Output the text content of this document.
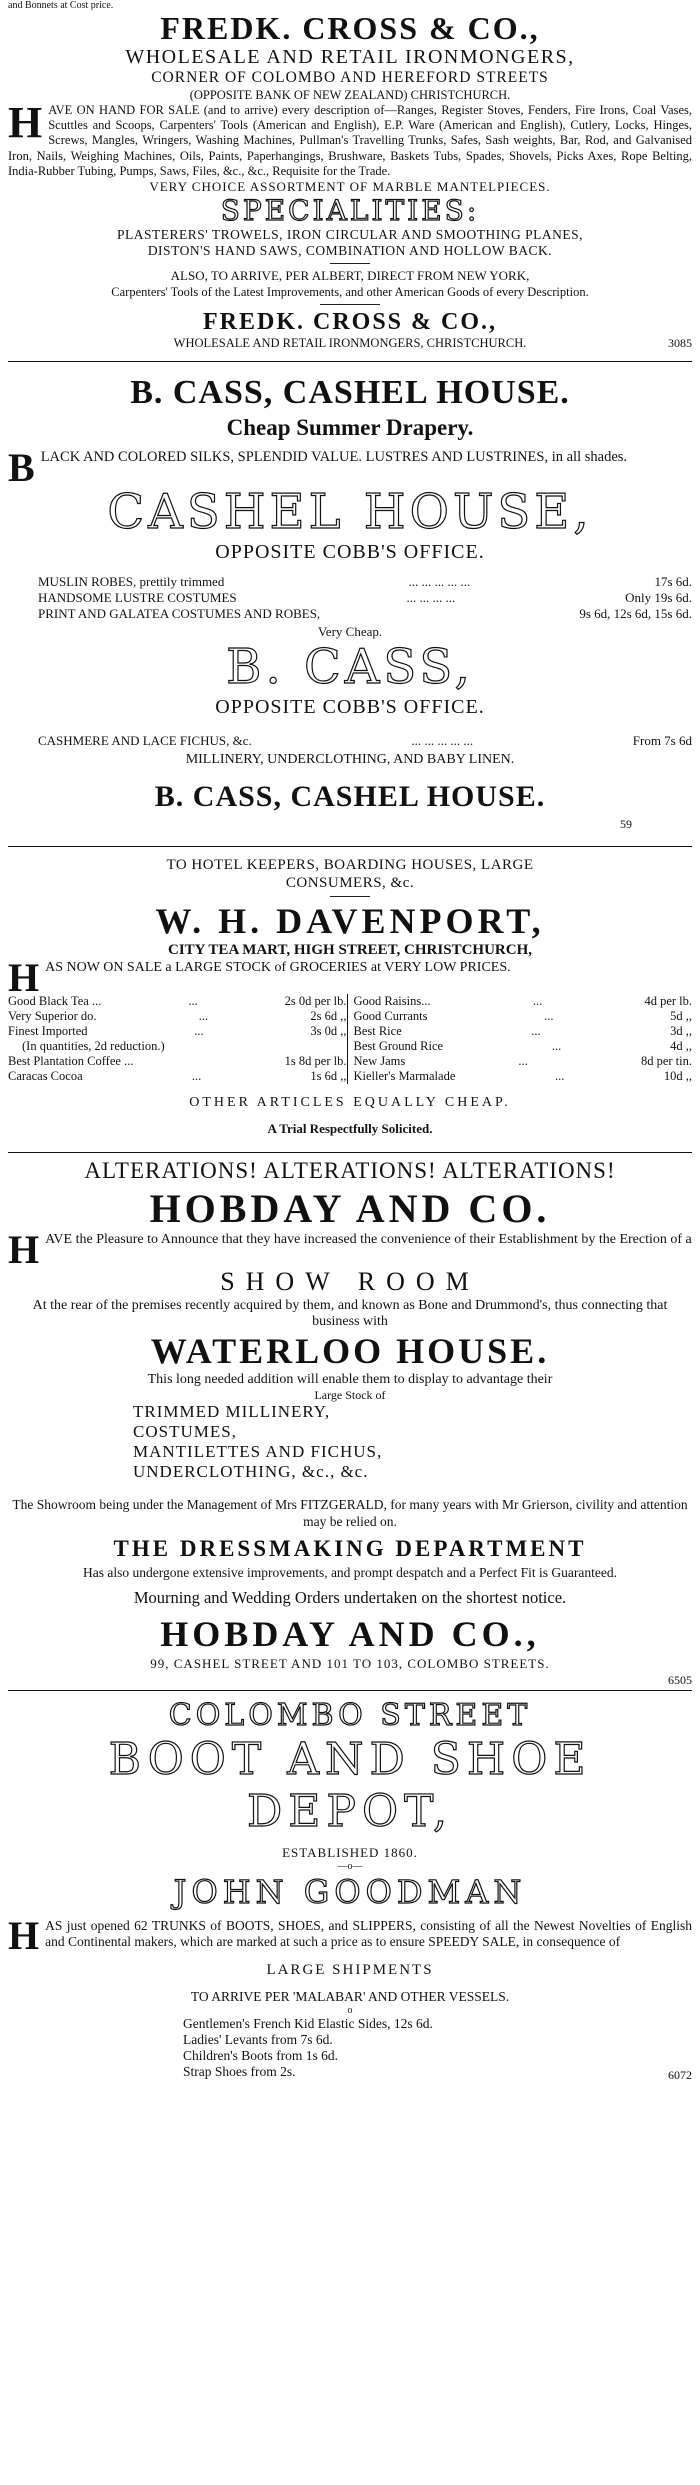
and Bonnets at Cost price.
FREDK. CROSS & CO.,
WHOLESALE AND RETAIL IRONMONGERS,
CORNER OF COLOMBO AND HEREFORD STREETS
(OPPOSITE BANK OF NEW ZEALAND) CHRISTCHURCH.
HAVE ON HAND FOR SALE (and to arrive) every description of—Ranges, Register Stoves, Fenders, Fire Irons, Coal Vases, Scuttles and Scoops, Carpenters' Tools (American and English), E.P. Ware (American and English), Cutlery, Locks, Hinges, Screws, Mangles, Wringers, Washing Machines, Pullman's Travelling Trunks, Safes, Sash weights, Bar, Rod, and Galvanised Iron, Nails, Weighing Machines, Oils, Paints, Paperhangings, Brushware, Baskets Tubs, Spades, Shovels, Picks Axes, Rope Belting, India-Rubber Tubing, Pumps, Saws, Files, &c., &c., Requisite for the Trade.
VERY CHOICE ASSORTMENT OF MARBLE MANTELPIECES.
SPECIALITIES:
PLASTERERS' TROWELS, IRON CIRCULAR AND SMOOTHING PLANES,
DISTON'S HAND SAWS, COMBINATION AND HOLLOW BACK.
ALSO, TO ARRIVE, PER ALBERT, DIRECT FROM NEW YORK,
Carpenters' Tools of the Latest Improvements, and other American Goods of every Description.
FREDK. CROSS & CO.,
WHOLESALE AND RETAIL IRONMONGERS, CHRISTCHURCH.	3085
B. CASS, CASHEL HOUSE.
Cheap Summer Drapery.
BLACK AND COLORED SILKS, SPLENDID VALUE. LUSTRES AND LUSTRINES, in all shades.
CASHEL HOUSE,
OPPOSITE COBB'S OFFICE.
MUSLIN ROBES, prettily trimmed	... ... ... ... ...	17s 6d.
HANDSOME LUSTRE COSTUMES	... ... ... ...	Only 19s 6d.
PRINT AND GALATEA COSTUMES AND ROBES,	9s 6d, 12s 6d, 15s 6d.
Very Cheap.
B. CASS,
OPPOSITE COBB'S OFFICE.
CASHMERE AND LACE FICHUS, &c.	... ... ... ... ...	From 7s 6d
MILLINERY, UNDERCLOTHING, AND BABY LINEN.
B. CASS, CASHEL HOUSE.
59
TO HOTEL KEEPERS, BOARDING HOUSES, LARGE
CONSUMERS, &c.
W. H. DAVENPORT,
CITY TEA MART, HIGH STREET, CHRISTCHURCH,
HAS NOW ON SALE a LARGE STOCK of GROCERIES at VERY LOW PRICES.
Good Black Tea ...	...	2s 0d per lb.
Very Superior do.	...	2s 6d ,,
Finest Imported	...	3s 0d ,,
(In quantities, 2d reduction.)
Best Plantation Coffee ...	1s 8d per lb.
Caracas Cocoa	...	1s 6d ,,
Good Raisins...	...	4d per lb.
Good Currants	...	5d ,,
Best Rice	...	3d ,,
Best Ground Rice	...	4d ,,
New Jams	...	8d per tin.
Kieller's Marmalade	...	10d ,,
OTHER ARTICLES EQUALLY CHEAP.
A Trial Respectfully Solicited.
ALTERATIONS! ALTERATIONS! ALTERATIONS!
HOBDAY AND CO.
HAVE the Pleasure to Announce that they have increased the convenience of their Establishment by the Erection of a
SHOW ROOM
At the rear of the premises recently acquired by them, and known as Bone and Drummond's, thus connecting that business with
WATERLOO HOUSE.
This long needed addition will enable them to display to advantage their
Large Stock of
TRIMMED MILLINERY,
COSTUMES,
MANTILETTES AND FICHUS,
UNDERCLOTHING, &c., &c.
The Showroom being under the Management of Mrs FITZGERALD, for many years with Mr Grierson, civility and attention may be relied on.
THE DRESSMAKING DEPARTMENT
Has also undergone extensive improvements, and prompt despatch and a Perfect Fit is Guaranteed.
Mourning and Wedding Orders undertaken on the shortest notice.
HOBDAY AND CO.,
99, CASHEL STREET AND 101 TO 103, COLOMBO STREETS.
6505
COLOMBO STREET
BOOT AND SHOE DEPOT,
ESTABLISHED 1860.
—o—
JOHN GOODMAN
HAS just opened 62 TRUNKS of BOOTS, SHOES, and SLIPPERS, consisting of all the Newest Novelties of English and Continental makers, which are marked at such a price as to ensure SPEEDY SALE, in consequence of
LARGE SHIPMENTS
TO ARRIVE PER 'MALABAR' AND OTHER VESSELS.
o
Gentlemen's French Kid Elastic Sides, 12s 6d.
Ladies' Levants from 7s 6d.
Children's Boots from 1s 6d.
Strap Shoes from 2s.	6072
